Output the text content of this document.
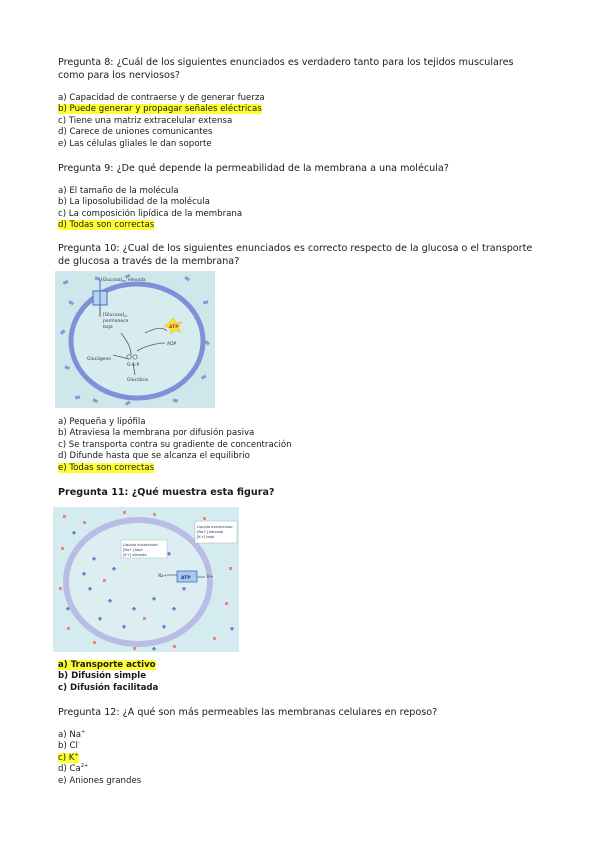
Pregunta 8: ¿Cuál de los siguientes enunciados es verdadero tanto para los tejidos musculares como para los nerviosos?
a) Capacidad de contraerse y de generar fuerza
b) Puede generar y propagar señales eléctricas
c) Tiene una matriz extracelular extensa
d) Carece de uniones comunicantes
e) Las células gliales le dan soporte
Pregunta 9: ¿De qué depende la permeabilidad de la membrana a una molécula?
a) El tamaño de la molécula
b) La liposolubilidad de la molécula
c) La composición lipídica de la membrana
d) Todas son correctas
Pregunta 10: ¿Cual de los siguientes enunciados es correcto respecto de la glucosa o el transporte de glucosa a través de la membrana?
$[Glucosa]_{EC}$ elevada
$[Glucosa]_{IC}$
permanece
baja	ATP
ADP
G-6-P
Glucógeno
Glucólisis
a) Pequeña y lipófila
b) Atraviesa la membrana por difusión pasiva
c) Se transporta contra su gradiente de concentración
d) Difunde hasta que se alcanza el equilibrio
e) Todas son correctas
Pregunta 11: ¿Qué muestra esta figura?
Líquido intracelular:
[Na+] baja
[K+] elevada
Líquido extracelular:
[Na+] elevada
[K+] baja
ATP
Na+	K+
a) Transporte activo
b) Difusión simple
c) Difusión facilitada
Pregunta 12: ¿A qué son más permeables las membranas celulares en reposo?
a) Na+
b) Cl-
c) K+
d) $Ca^{2+}$
e) Aniones grandes
